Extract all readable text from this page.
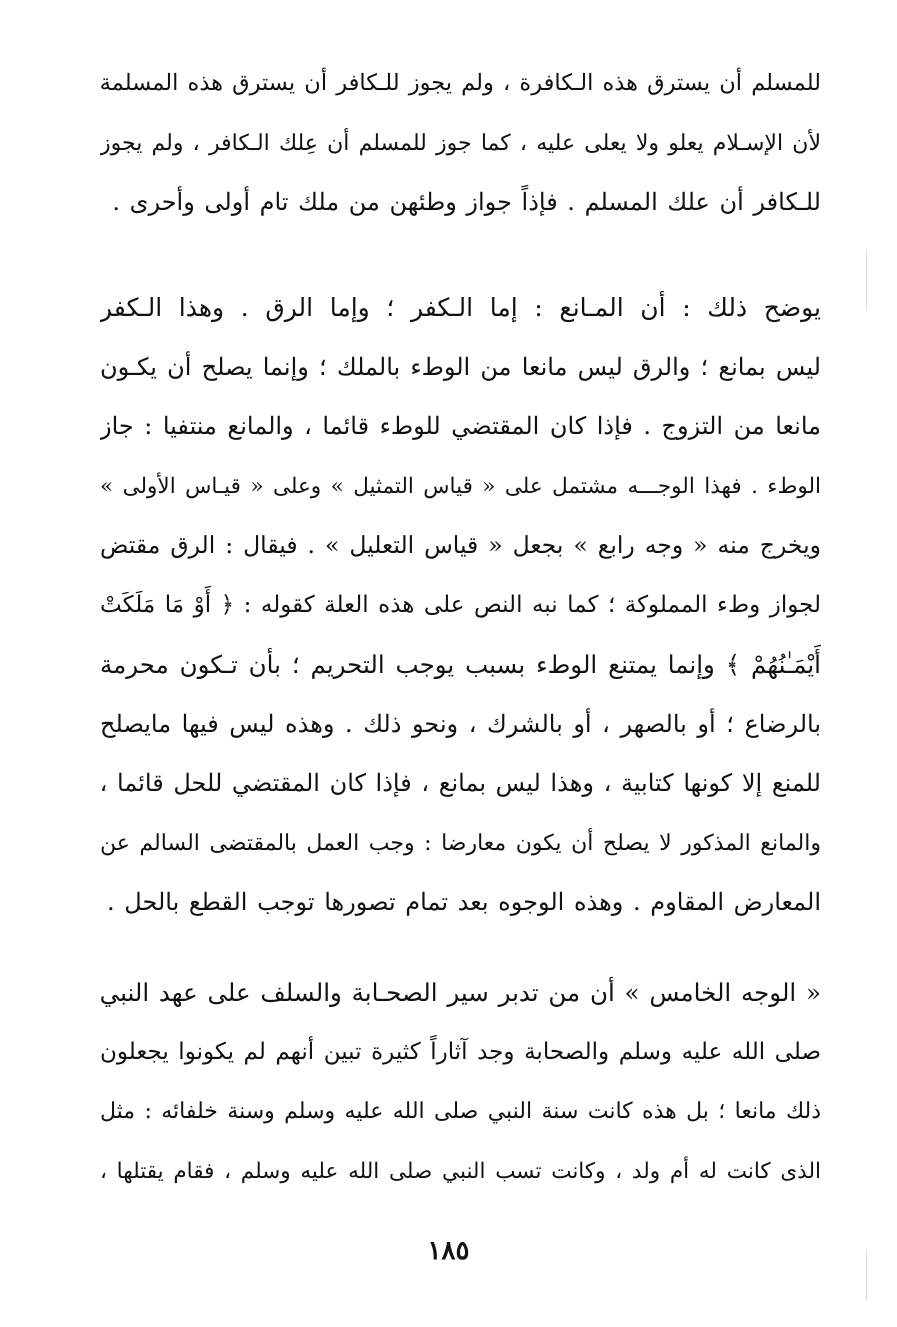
للمسلم أن يسترق هذه الـكافرة ، ولم يجوز للـكافر أن يسترق هذه المسلمة
لأن الإسـلام يعلو ولا يعلى عليه ، كما جوز للمسلم أن عِلك الـكافر ، ولم يجوز
للـكافر أن علك المسلم . فإذاً جواز وطئهن من ملك تام أولى وأحرى .
يوضح ذلك : أن المـانع : إما الـكفر ؛ وإما الرق . وهذا الـكفر
ليس بمانع ؛ والرق ليس مانعا من الوطء بالملك ؛ وإنما يصلح أن يكـون
مانعا من التزوج . فإذا كان المقتضي للوطء قائما ، والمانع منتفيا : جاز
الوطء . فهذا الوجـــه مشتمل على « قياس التمثيل » وعلى « قيـاس الأولى »
ويخرج منه « وجه رابع » بجعل « قياس التعليل » . فيقال : الرق مقتض
لجواز وطء المملوكة ؛ كما نبه النص على هذه العلة كقوله : ﴿ أَوْ مَا مَلَكَتْ
أَيْمَـٰنُهُمْ ﴾ وإنما يمتنع الوطء بسبب يوجب التحريم ؛ بأن تـكون محرمة
بالرضاع ؛ أو بالصهر ، أو بالشرك ، ونحو ذلك . وهذه ليس فيها مايصلح
للمنع إلا كونها كتابية ، وهذا ليس بمانع ، فإذا كان المقتضي للحل قائما ،
والمانع المذكور لا يصلح أن يكون معارضا : وجب العمل بالمقتضى السالم عن
المعارض المقاوم . وهذه الوجوه بعد تمام تصورها توجب القطع بالحل .
« الوجه الخامس » أن من تدبر سير الصحـابة والسلف على عهد النبي
صلى الله عليه وسلم والصحابة وجد آثاراً كثيرة تبين أنهم لم يكونوا يجعلون
ذلك مانعا ؛ بل هذه كانت سنة النبي صلى الله عليه وسلم وسنة خلفائه : مثل
الذى كانت له أم ولد ، وكانت تسب النبي صلى الله عليه وسلم ، فقام يقتلها ،
١٨٥
